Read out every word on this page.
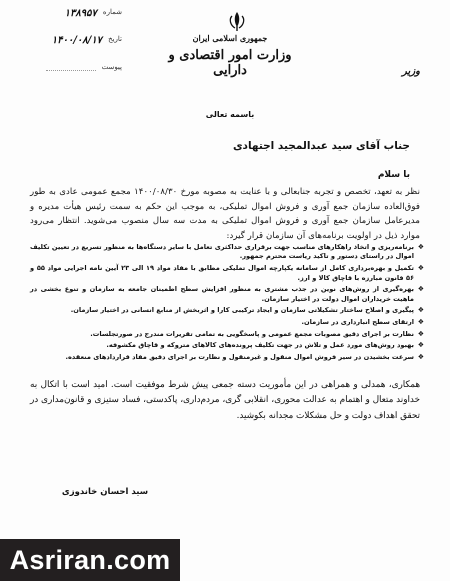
جمهوری اسلامی ایران
وزارت امور اقتصادی و دارایی	وزیر
شماره
۱۳۸۹۵۷
تاریخ
۱۴۰۰/۰۸/۱۷
پیوست
باسمه تعالی
جناب آقای سید عبدالمجید اجتهادی
با سلام
نظر به تعهد، تخصص و تجربه جنابعالی و با عنایت به مصوبه مورخ ۱۴۰۰/۰۸/۳۰ مجمع عمومی عادی به طور فوق‌العاده سازمان جمع آوری و فروش اموال تملیکی، به موجب این حکم به سمت رئیس هیأت مدیره و مدیرعامل سازمان جمع آوری و فروش اموال تملیکی به مدت سه سال منصوب می‌شوید. انتظار می‌رود موارد ذیل در اولویت برنامه‌های آن سازمان قرار گیرد:
❖
برنامه‌ریزی و اتخاذ راهکارهای مناسب جهت برقراری حداکثری تعامل با سایر دستگاه‌ها به منظور تسریع در تعیین تکلیف اموال در راستای دستور و تاکید ریاست محترم جمهور.
❖
تکمیل و بهره‌برداری کامل از سامانه یکپارچه اموال تملیکی مطابق با مفاد مواد ۱۹ الی ۲۳ آیین نامه اجرایی مواد ۵۵ و ۵۶ قانون مبارزه با قاچاق کالا و ارز.
❖
بهره‌گیری از روش‌های نوین در جذب مشتری به منظور افزایش سطح اطمینان جامعه به سازمان و تنوع بخشی در ماهیت خریداران اموال دولت در اختیار سازمان.
❖
پیگیری و اصلاح ساختار تشکیلاتی سازمان و ایجاد ترکیبی کارا و اثربخش از منابع انسانی در اختیار سازمان.
❖
ارتقای سطح انبارداری در سازمان.
❖
نظارت بر اجرای دقیق مصوبات مجمع عمومی و پاسخگویی به تمامی تقریرات مندرج در صورتجلسات.
❖
بهبود روش‌های مورد عمل و تلاش در جهت تکلیف پرونده‌های کالاهای متروکه و قاچاق مکشوفه.
❖
سرعت بخشیدن در سیر فروش اموال منقول و غیرمنقول و نظارت بر اجرای دقیق مفاد قراردادهای منعقده.
همکاری، همدلی و همراهی در این مأموریت دسته جمعی پیش شرط موفقیت است. امید است با اتکال به خداوند متعال و اهتمام به عدالت محوری، انقلابی گری، مردم‌داری، پاکدستی، فساد ستیزی و قانون‌مداری در تحقق اهداف دولت و حل مشکلات مجدانه بکوشید.
سید احسان خاندوزی
Asriran.com
